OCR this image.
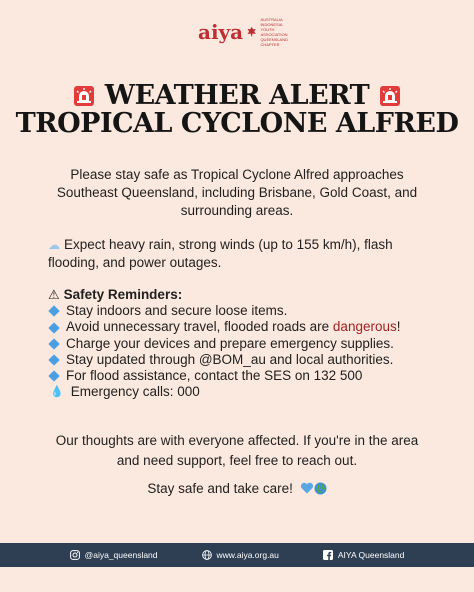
aiya
AUSTRALIA
INDONESIA
YOUTH
ASSOCIATION
QUEENSLAND
CHAPTER
WEATHER ALERT
TROPICAL CYCLONE ALFRED
Please stay safe as Tropical Cyclone Alfred approaches Southeast Queensland, including Brisbane, Gold Coast, and surrounding areas.
☁ Expect heavy rain, strong winds (up to 155 km/h), flash flooding, and power outages.
⚠ Safety Reminders:
Stay indoors and secure loose items.
Avoid unnecessary travel, flooded roads are dangerous!
Charge your devices and prepare emergency supplies.
Stay updated through @BOM_au and local authorities.
For flood assistance, contact the SES on 132 500
💧 Emergency calls: 000
Our thoughts are with everyone affected. If you're in the area and need support, feel free to reach out.
Stay safe and take care!
@aiya_queensland	www.aiya.org.au	AIYA Queensland
